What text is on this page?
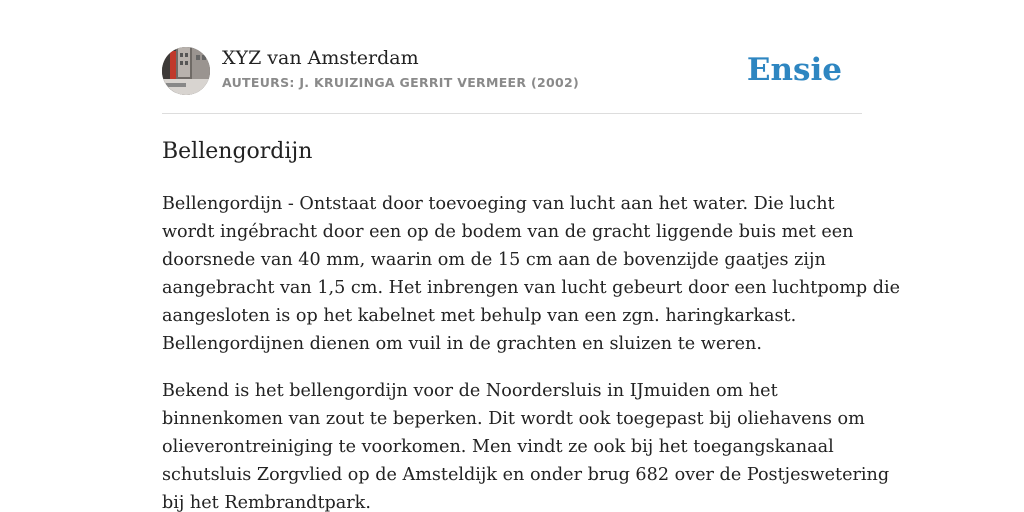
XYZ van Amsterdam
AUTEURS: J. KRUIZINGA GERRIT VERMEER (2002)	Ensie
Bellengordijn

Bellengordijn - Ontstaat door toevoeging van lucht aan het water. Die lucht
wordt ingébracht door een op de bodem van de gracht liggende buis met een
doorsnede van 40 mm, waarin om de 15 cm aan de bovenzijde gaatjes zijn
aangebracht van 1,5 cm. Het inbrengen van lucht gebeurt door een luchtpomp die
aangesloten is op het kabelnet met behulp van een zgn. haringkarkast.
Bellengordijnen dienen om vuil in de grachten en sluizen te weren.

Bekend is het bellengordijn voor de Noordersluis in IJmuiden om het
binnenkomen van zout te beperken. Dit wordt ook toegepast bij oliehavens om
olieverontreiniging te voorkomen. Men vindt ze ook bij het toegangskanaal
schutsluis Zorgvlied op de Amsteldijk en onder brug 682 over de Postjeswetering
bij het Rembrandtpark.
